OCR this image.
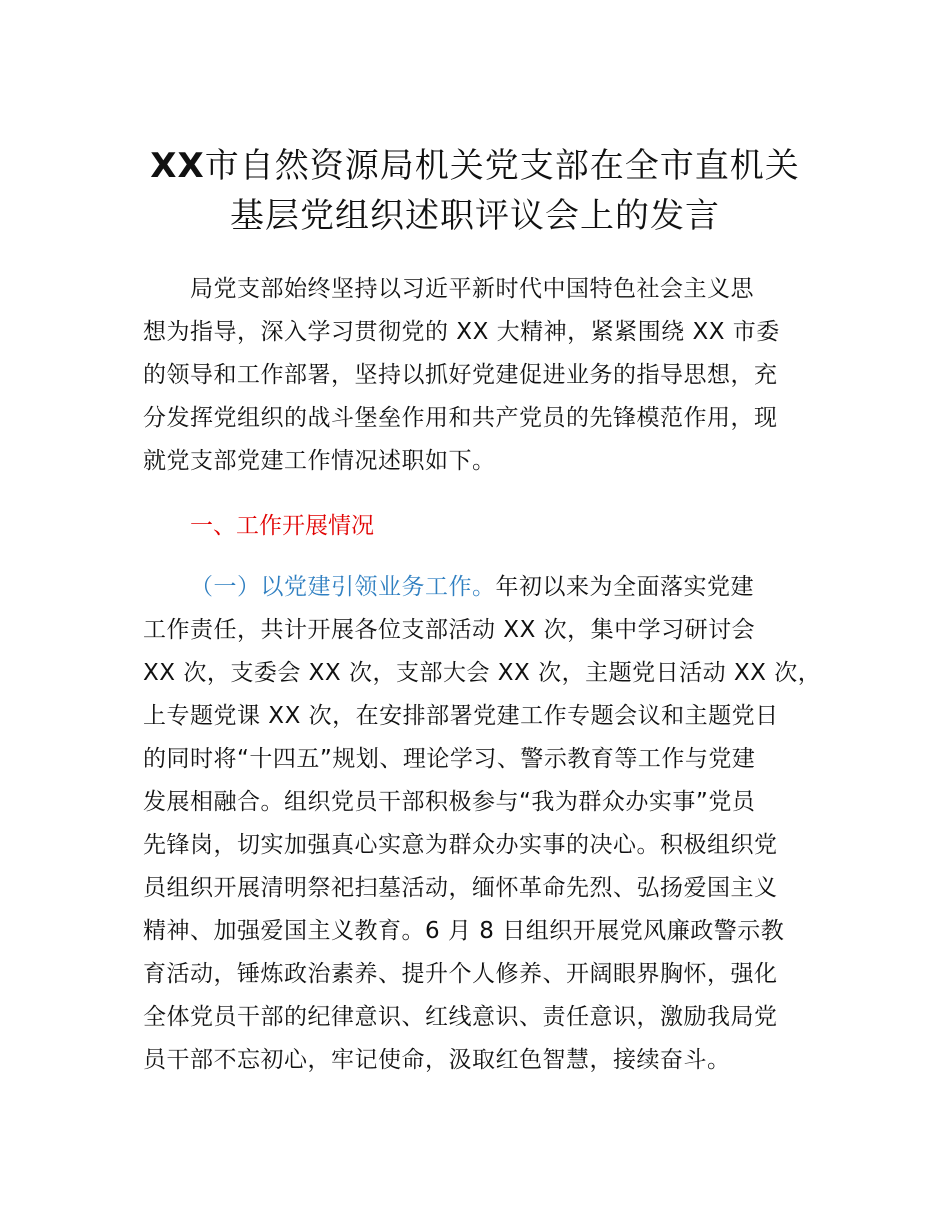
XX市自然资源局机关党支部在全市直机关
基层党组织述职评议会上的发言
局党支部始终坚持以习近平新时代中国特色社会主义思
想为指导，深入学习贯彻党的 XX 大精神，紧紧围绕 XX 市委
的领导和工作部署，坚持以抓好党建促进业务的指导思想，充
分发挥党组织的战斗堡垒作用和共产党员的先锋模范作用，现
就党支部党建工作情况述职如下。
一、工作开展情况
（一）以党建引领业务工作。年初以来为全面落实党建
工作责任，共计开展各位支部活动 XX 次，集中学习研讨会
XX 次，支委会 XX 次，支部大会 XX 次，主题党日活动 XX 次，
上专题党课 XX 次，在安排部署党建工作专题会议和主题党日
的同时将“十四五”规划、理论学习、警示教育等工作与党建
发展相融合。组织党员干部积极参与“我为群众办实事”党员
先锋岗，切实加强真心实意为群众办实事的决心。积极组织党
员组织开展清明祭祀扫墓活动，缅怀革命先烈、弘扬爱国主义
精神、加强爱国主义教育。6 月 8 日组织开展党风廉政警示教
育活动，锤炼政治素养、提升个人修养、开阔眼界胸怀，强化
全体党员干部的纪律意识、红线意识、责任意识，激励我局党
员干部不忘初心，牢记使命，汲取红色智慧，接续奋斗。
